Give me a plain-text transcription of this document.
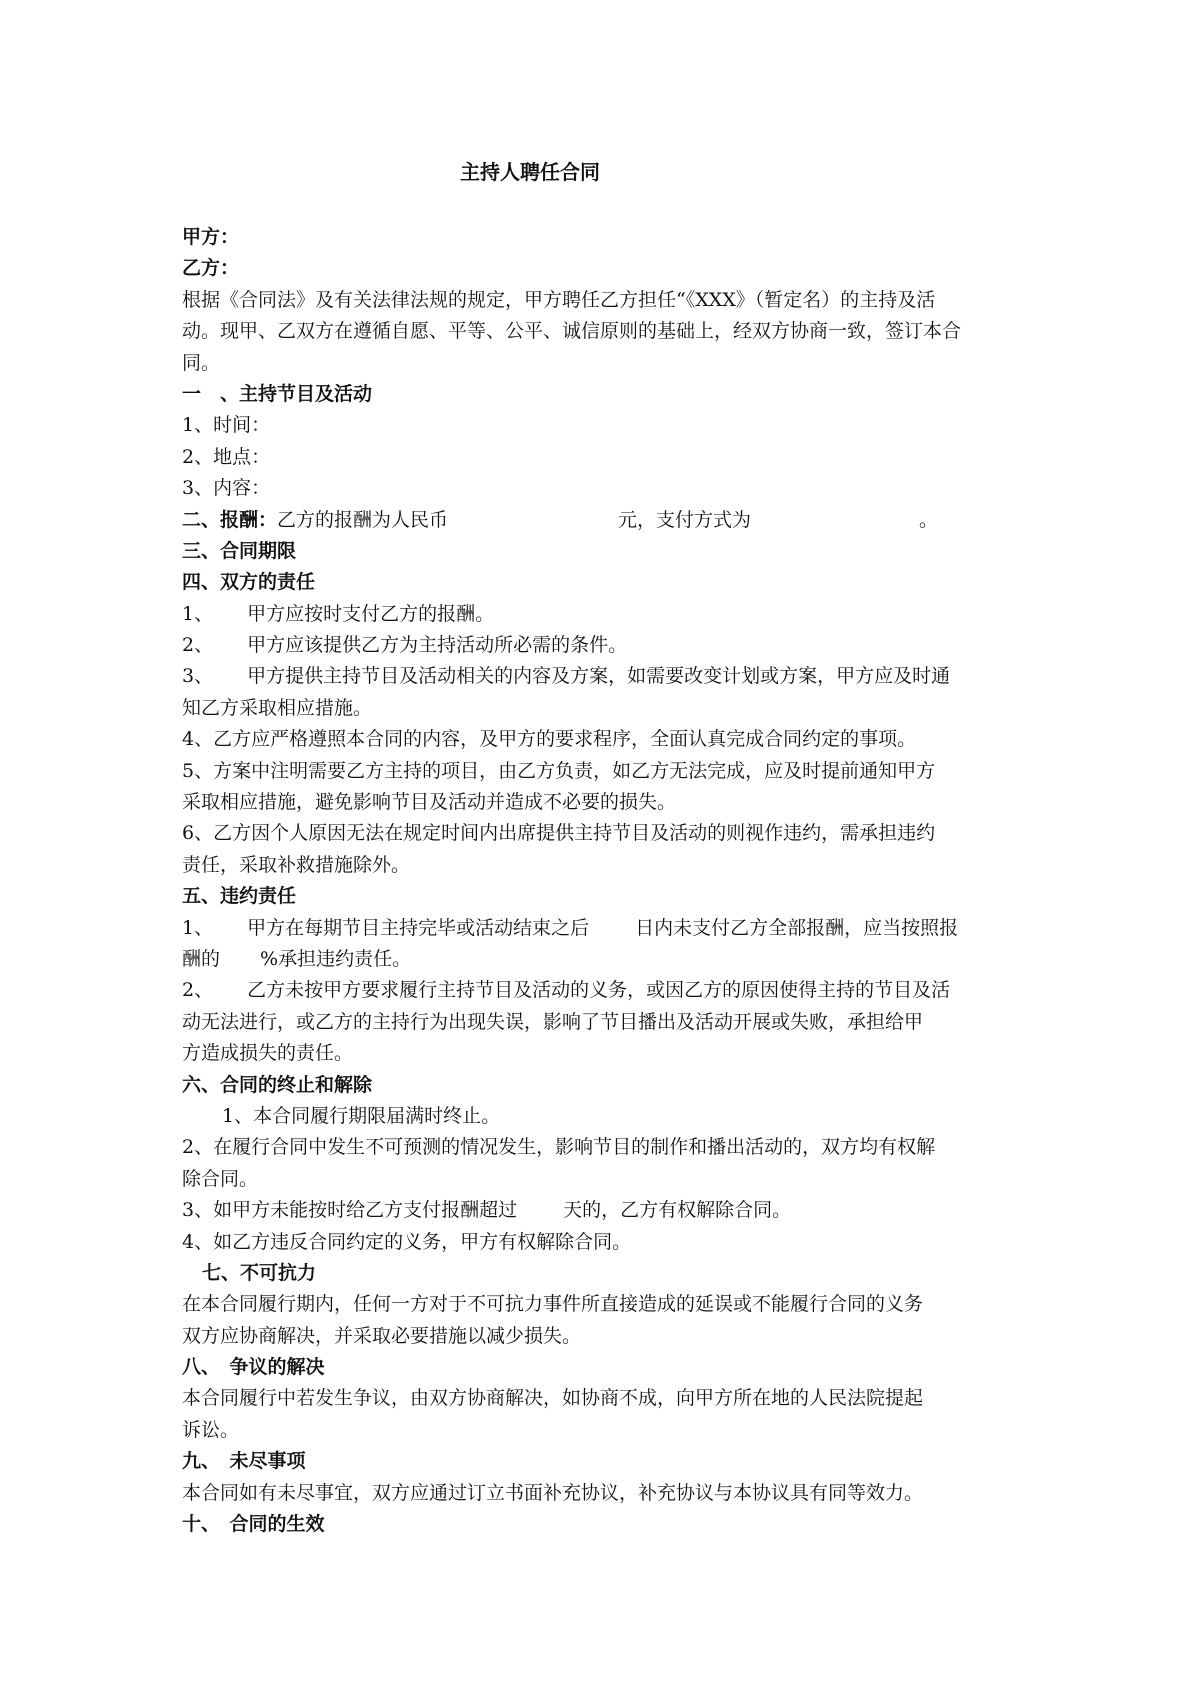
主持人聘任合同
甲方：
乙方：
根据《合同法》及有关法律法规的规定，甲方聘任乙方担任“《XXX》（暂定名）的主持及活
动。现甲、乙双方在遵循自愿、平等、公平、诚信原则的基础上，经双方协商一致，签订本合
同。
一　、主持节目及活动
1、时间：
2、地点：
3、内容：
二、报酬：乙方的报酬为人民币	元，支付方式为	。
三、合同期限
四、双方的责任
1、 甲方应按时支付乙方的报酬。
2、 甲方应该提供乙方为主持活动所必需的条件。
3、 甲方提供主持节目及活动相关的内容及方案，如需要改变计划或方案，甲方应及时通
知乙方采取相应措施。
4、乙方应严格遵照本合同的内容，及甲方的要求程序，全面认真完成合同约定的事项。
5、方案中注明需要乙方主持的项目，由乙方负责，如乙方无法完成，应及时提前通知甲方
采取相应措施，避免影响节目及活动并造成不必要的损失。
6、乙方因个人原因无法在规定时间内出席提供主持节目及活动的则视作违约，需承担违约
责任，采取补救措施除外。
五、违约责任
1、 甲方在每期节目主持完毕或活动结束之后 日内未支付乙方全部报酬，应当按照报
酬的 %承担违约责任。
2、 乙方未按甲方要求履行主持节目及活动的义务，或因乙方的原因使得主持的节目及活
动无法进行，或乙方的主持行为出现失误，影响了节目播出及活动开展或失败，承担给甲
方造成损失的责任。
六、合同的终止和解除
1、本合同履行期限届满时终止。
2、在履行合同中发生不可预测的情况发生，影响节目的制作和播出活动的，双方均有权解
除合同。
3、如甲方未能按时给乙方支付报酬超过 天的，乙方有权解除合同。
4、如乙方违反合同约定的义务，甲方有权解除合同。
七、不可抗力
在本合同履行期内，任何一方对于不可抗力事件所直接造成的延误或不能履行合同的义务
双方应协商解决，并采取必要措施以减少损失。
八、　争议的解决
本合同履行中若发生争议，由双方协商解决，如协商不成，向甲方所在地的人民法院提起
诉讼。
九、　未尽事项
本合同如有未尽事宜，双方应通过订立书面补充协议，补充协议与本协议具有同等效力。
十、　合同的生效
